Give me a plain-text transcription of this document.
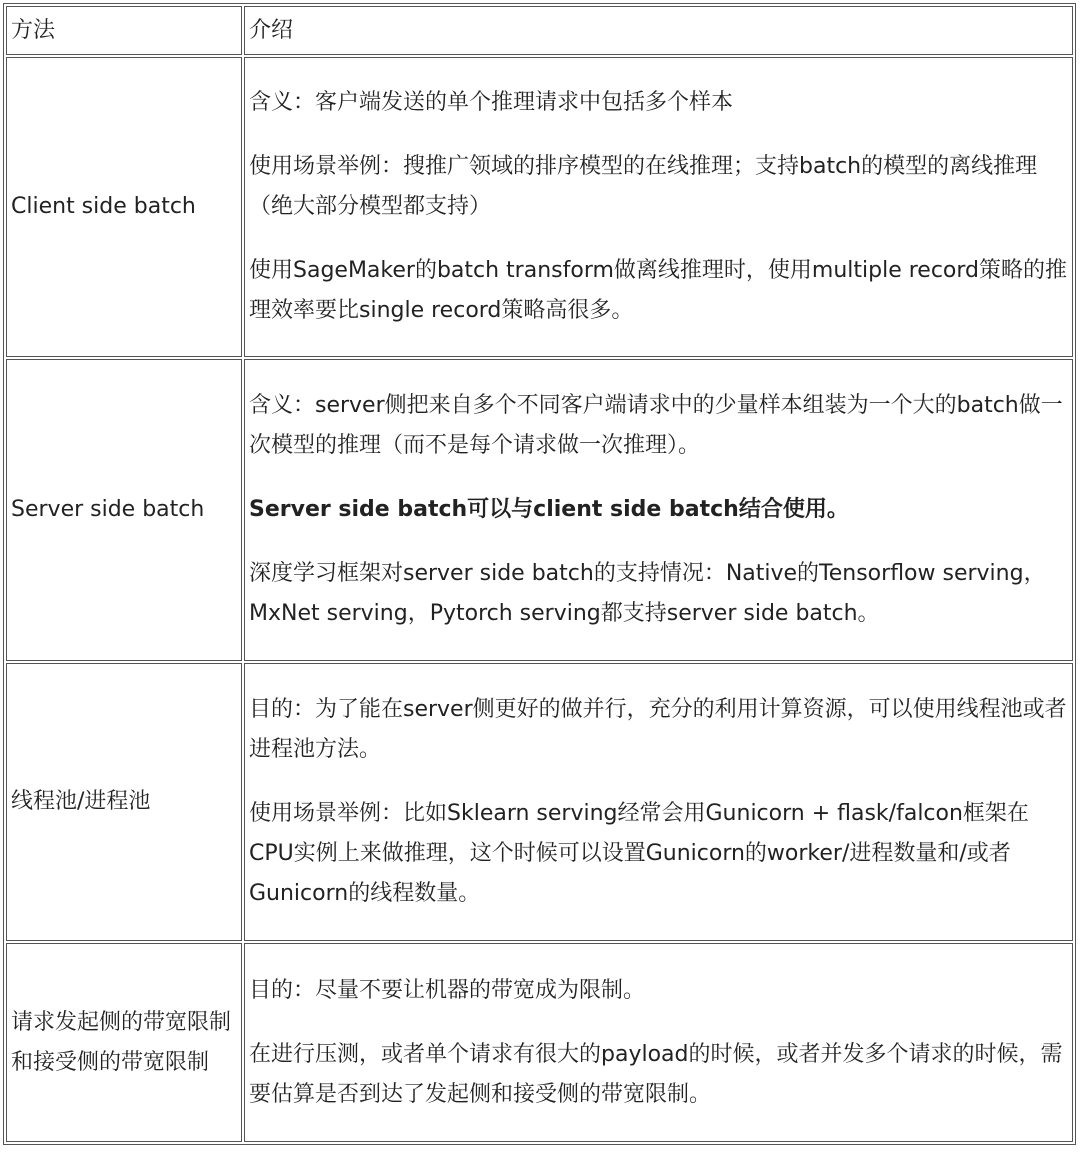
方法	介绍
Client side batch	含义：客户端发送的单个推理请求中包括多个样本

使用场景举例：搜推广领域的排序模型的在线推理；支持batch的模型的离线推理（绝大部分模型都支持）

使用SageMaker的batch transform做离线推理时，使用multiple record策略的推理效率要比single record策略高很多。

Server side batch	含义：server侧把来自多个不同客户端请求中的少量样本组装为一个大的batch做一次模型的推理（而不是每个请求做一次推理）。

Server side batch可以与client side batch结合使用。

深度学习框架对server side batch的支持情况：Native的Tensorflow serving，MxNet serving，Pytorch serving都支持server side batch。

线程池/进程池	目的：为了能在server侧更好的做并行，充分的利用计算资源，可以使用线程池或者进程池方法。

使用场景举例：比如Sklearn serving经常会用Gunicorn + flask/falcon框架在CPU实例上来做推理，这个时候可以设置Gunicorn的worker/进程数量和/或者Gunicorn的线程数量。

请求发起侧的带宽限制和接受侧的带宽限制	目的：尽量不要让机器的带宽成为限制。

在进行压测，或者单个请求有很大的payload的时候，或者并发多个请求的时候，需要估算是否到达了发起侧和接受侧的带宽限制。
